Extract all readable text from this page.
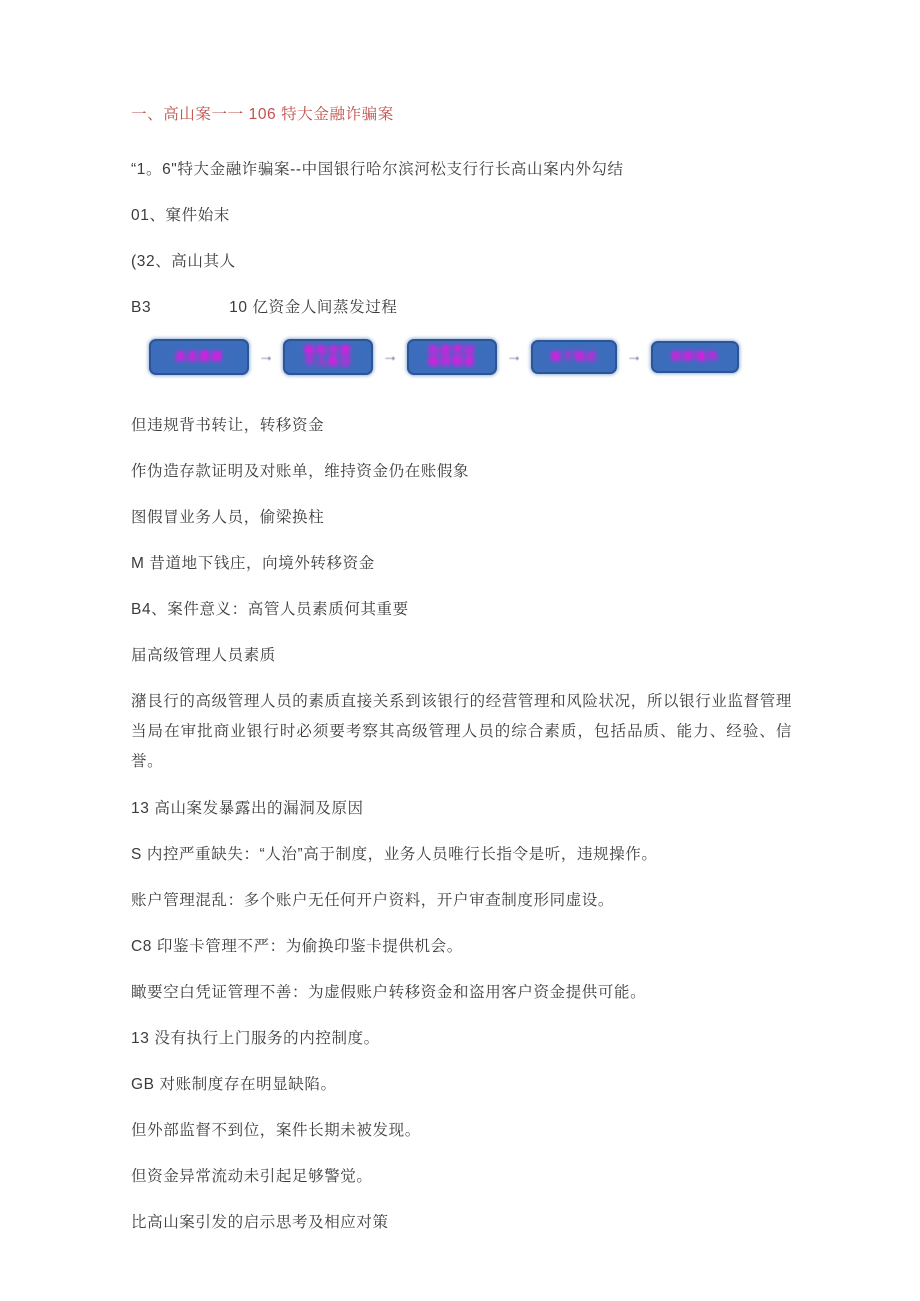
一、高山案一一 106 特大金融诈骗案

“1。6"特大金融诈骗案--中国银行哈尔滨河松支行行长高山案内外勾结

01、窠件始末

(32、高山其人

B3	10 亿资金人间蒸发过程

高息揽储 →	吸收存款
不入账目 →	伪造凭证
维持假象 →	地下钱庄 →	转移境外

但违规背书转让，转移资金

作伪造存款证明及对账单，维持资金仍在账假象

图假冒业务人员，偷梁换柱

M 昔道地下钱庄，向境外转移资金

B4、案件意义：高管人员素质何其重要

届高级管理人员素质

潴艮行的高级管理人员的素质直接关系到该银行的经营管理和风险状况，所以银行业监督管理当局在审批商业银行时必须要考察其高级管理人员的综合素质，包括品质、能力、经验、信誉。

13 高山案发暴露出的漏洞及原因

S 内控严重缺失：“人治”高于制度，业务人员唯行长指令是听，违规操作。

账户管理混乱：多个账户无任何开户资料，开户审查制度形同虚设。

C8 印鉴卡管理不严：为偷换印鉴卡提供机会。

瞰要空白凭证管理不善：为虚假账户转移资金和盗用客户资金提供可能。

13 没有执行上门服务的内控制度。

GB 对账制度存在明显缺陷。

但外部监督不到位，案件长期未被发现。

但资金异常流动未引起足够警觉。

比高山案引发的启示思考及相应对策
